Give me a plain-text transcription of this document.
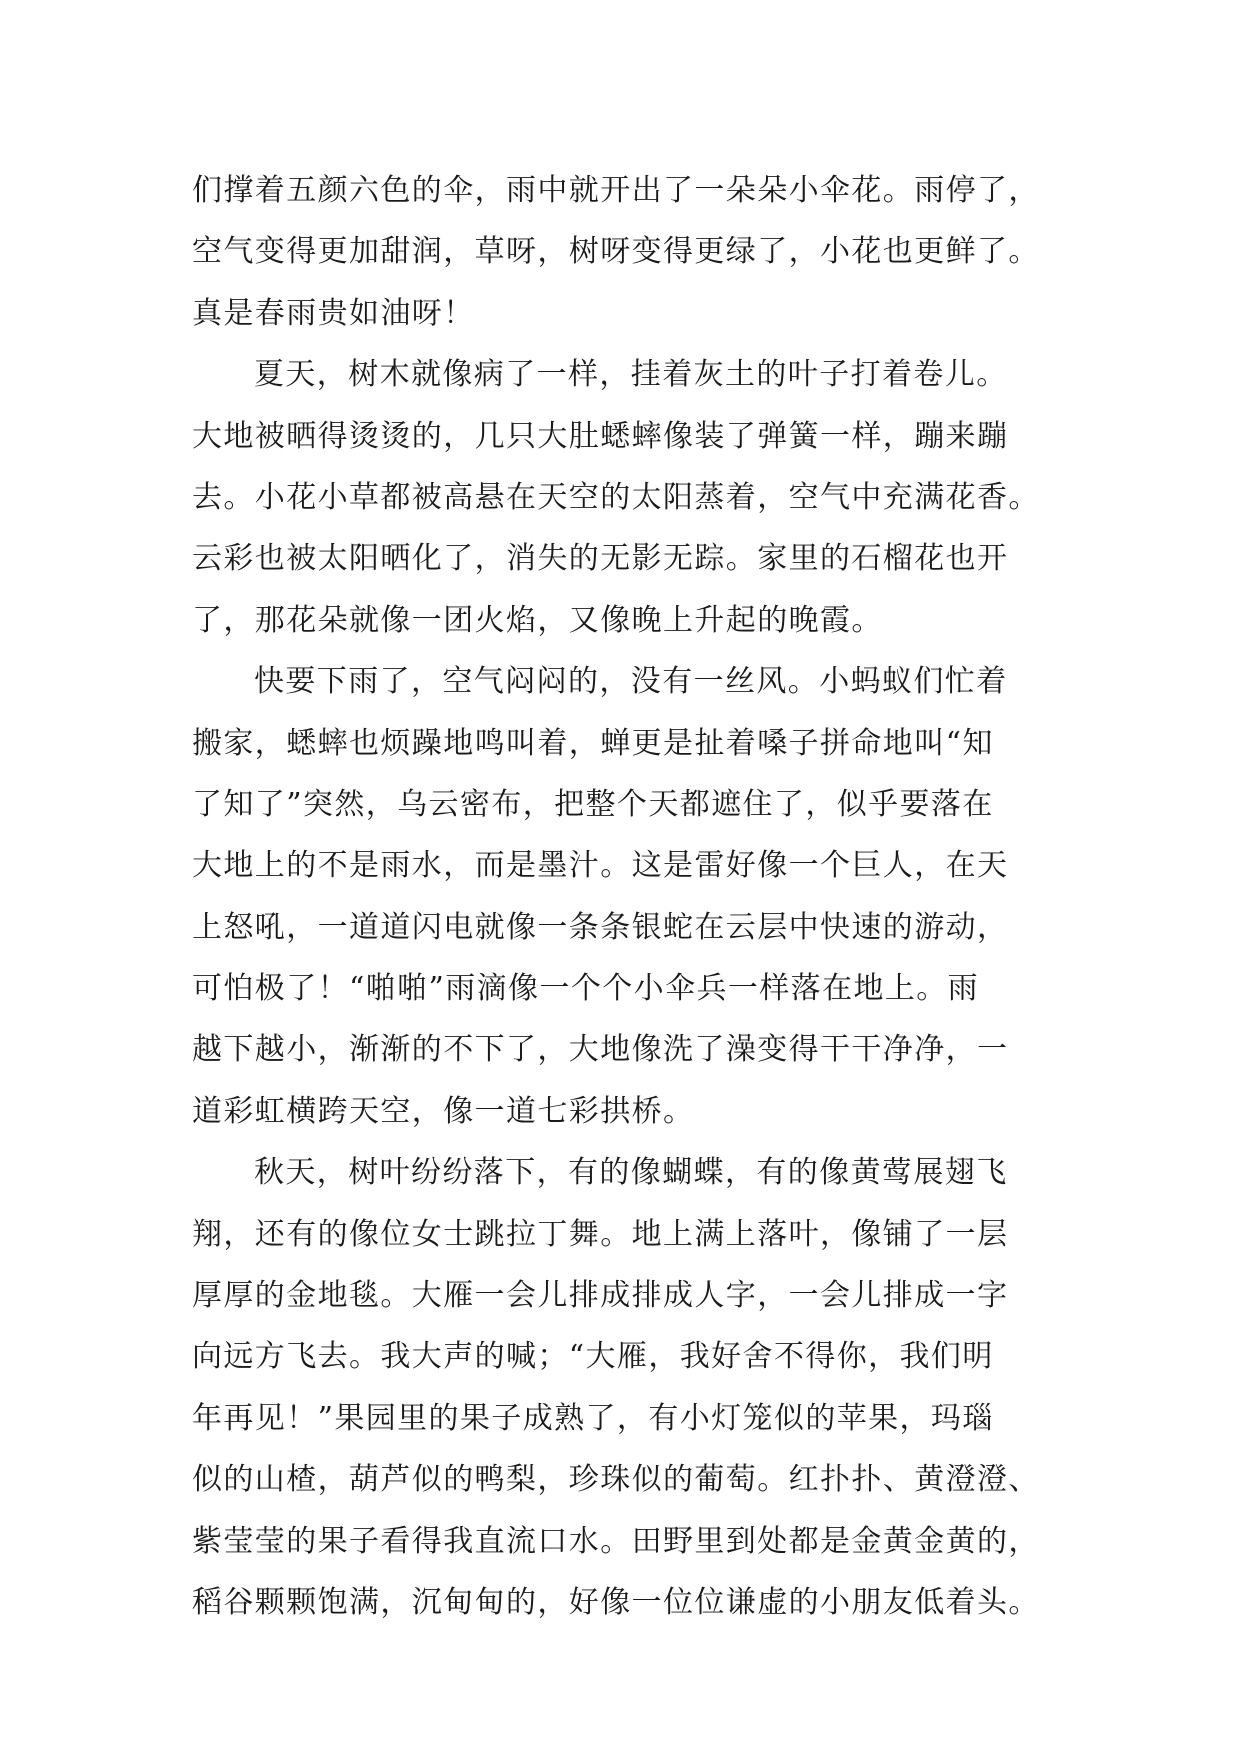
们撑着五颜六色的伞，雨中就开出了一朵朵小伞花。雨停了，
空气变得更加甜润，草呀，树呀变得更绿了，小花也更鲜了。
真是春雨贵如油呀！
夏天，树木就像病了一样，挂着灰土的叶子打着卷儿。
大地被晒得烫烫的，几只大肚蟋蟀像装了弹簧一样，蹦来蹦
去。小花小草都被高悬在天空的太阳蒸着，空气中充满花香。
云彩也被太阳晒化了，消失的无影无踪。家里的石榴花也开
了，那花朵就像一团火焰，又像晚上升起的晚霞。
快要下雨了，空气闷闷的，没有一丝风。小蚂蚁们忙着
搬家，蟋蟀也烦躁地鸣叫着，蝉更是扯着嗓子拼命地叫“知
了知了”突然，乌云密布，把整个天都遮住了，似乎要落在
大地上的不是雨水，而是墨汁。这是雷好像一个巨人，在天
上怒吼，一道道闪电就像一条条银蛇在云层中快速的游动，
可怕极了！“啪啪”雨滴像一个个小伞兵一样落在地上。雨
越下越小，渐渐的不下了，大地像洗了澡变得干干净净，一
道彩虹横跨天空，像一道七彩拱桥。
秋天，树叶纷纷落下，有的像蝴蝶，有的像黄莺展翅飞
翔，还有的像位女士跳拉丁舞。地上满上落叶，像铺了一层
厚厚的金地毯。大雁一会儿排成排成人字，一会儿排成一字
向远方飞去。我大声的喊；“大雁，我好舍不得你，我们明
年再见！”果园里的果子成熟了，有小灯笼似的苹果，玛瑙
似的山楂，葫芦似的鸭梨，珍珠似的葡萄。红扑扑、黄澄澄、
紫莹莹的果子看得我直流口水。田野里到处都是金黄金黄的，
稻谷颗颗饱满，沉甸甸的，好像一位位谦虚的小朋友低着头。
